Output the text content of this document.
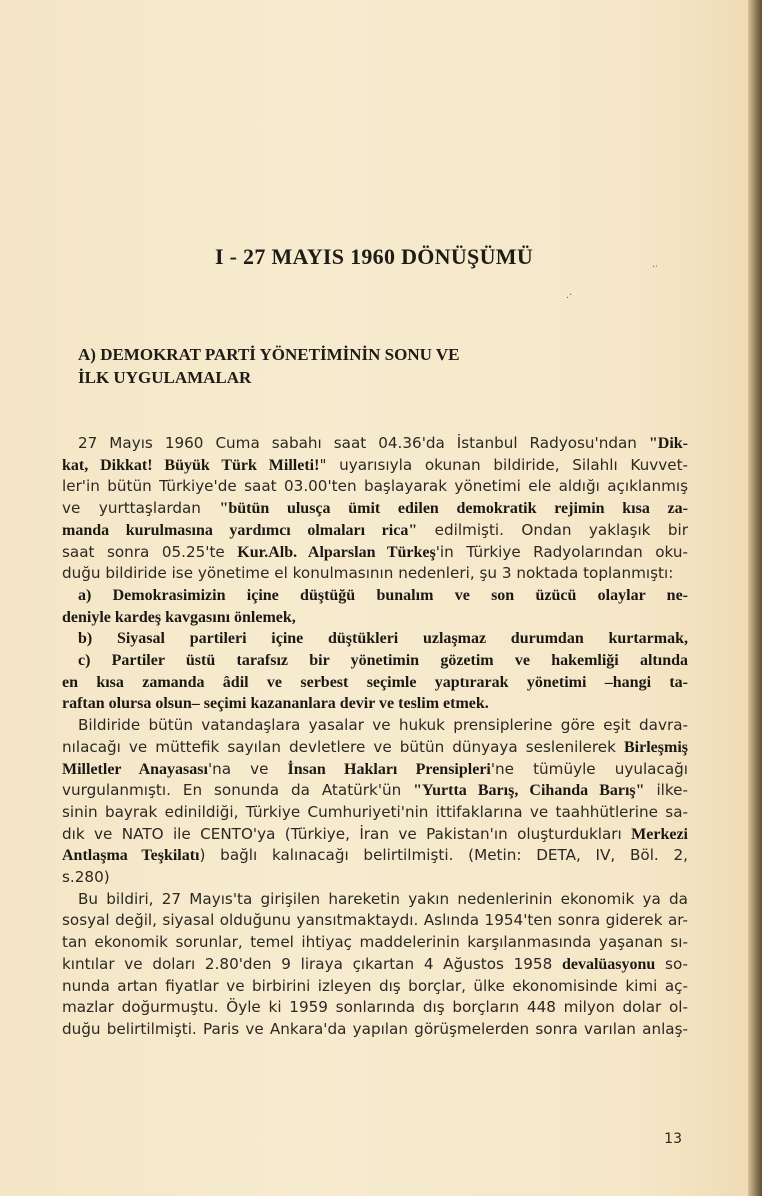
·ᐧ
.·
I - 27 MAYIS 1960 DÖNÜŞÜMÜ
A) DEMOKRAT PARTİ YÖNETİMİNİN SONU VE
İLK UYGULAMALAR
27 Mayıs 1960 Cuma sabahı saat 04.36'da İstanbul Radyosu'ndan "Dik-
kat, Dikkat! Büyük Türk Milleti!" uyarısıyla okunan bildiride, Silahlı Kuvvet-
ler'in bütün Türkiye'de saat 03.00'ten başlayarak yönetimi ele aldığı açıklanmış
ve yurttaşlardan "bütün ulusça ümit edilen demokratik rejimin kısa za-
manda kurulmasına yardımcı olmaları rica" edilmişti. Ondan yaklaşık bir
saat sonra 05.25'te Kur.Alb. Alparslan Türkeş'in Türkiye Radyolarından oku-
duğu bildiride ise yönetime el konulmasının nedenleri, şu 3 noktada toplanmıştı:
a) Demokrasimizin içine düştüğü bunalım ve son üzücü olaylar ne-
deniyle kardeş kavgasını önlemek,
b) Siyasal partileri içine düştükleri uzlaşmaz durumdan kurtarmak,
c) Partiler üstü tarafsız bir yönetimin gözetim ve hakemliği altında
en kısa zamanda âdil ve serbest seçimle yaptırarak yönetimi –hangi ta-
raftan olursa olsun– seçimi kazananlara devir ve teslim etmek.
Bildiride bütün vatandaşlara yasalar ve hukuk prensiplerine göre eşit davra-
nılacağı ve müttefik sayılan devletlere ve bütün dünyaya seslenilerek Birleşmiş
Milletler Anayasası'na ve İnsan Hakları Prensipleri'ne tümüyle uyulacağı
vurgulanmıştı. En sonunda da Atatürk'ün "Yurtta Barış, Cihanda Barış" ilke-
sinin bayrak edinildiği, Türkiye Cumhuriyeti'nin ittifaklarına ve taahhütlerine sa-
dık ve NATO ile CENTO'ya (Türkiye, İran ve Pakistan'ın oluşturdukları Merkezi
Antlaşma Teşkilatı) bağlı kalınacağı belirtilmişti. (Metin: DETA, IV, Böl. 2,
s.280)
Bu bildiri, 27 Mayıs'ta girişilen hareketin yakın nedenlerinin ekonomik ya da
sosyal değil, siyasal olduğunu yansıtmaktaydı. Aslında 1954'ten sonra giderek ar-
tan ekonomik sorunlar, temel ihtiyaç maddelerinin karşılanmasında yaşanan sı-
kıntılar ve doları 2.80'den 9 liraya çıkartan 4 Ağustos 1958 devalüasyonu so-
nunda artan fiyatlar ve birbirini izleyen dış borçlar, ülke ekonomisinde kimi aç-
mazlar doğurmuştu. Öyle ki 1959 sonlarında dış borçların 448 milyon dolar ol-
duğu belirtilmişti. Paris ve Ankara'da yapılan görüşmelerden sonra varılan anlaş-
13
